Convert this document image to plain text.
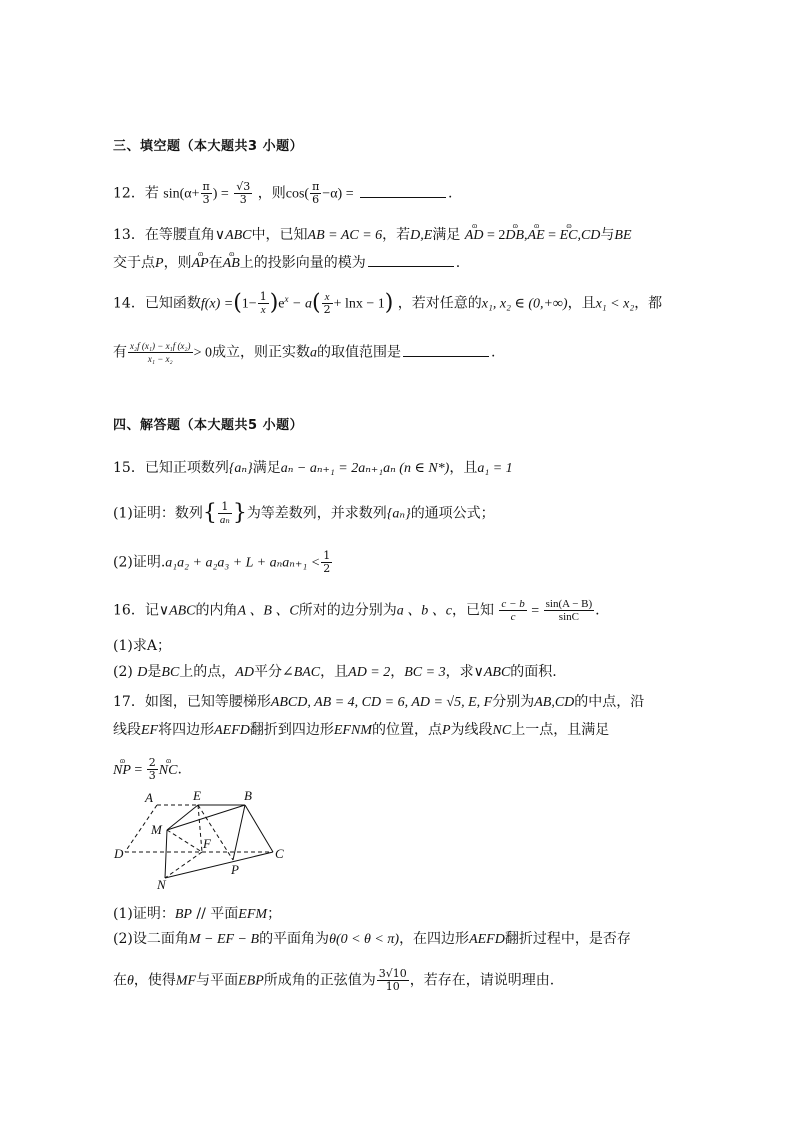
三、填空题（本大题共3 小题）
12．若 $\sin(\alpha+ \frac{\pi}{3}$ ) = $\frac{√3}{3}$ ，则$\cos( \frac{\pi}{6} -\alpha)$ =	.
13．在等腰直角∨ABC中，已知AB = AC = 6，若D,E满足 ɷ AD = 2ɷ DB,ɷ AE = ɷ EC,CD与BE
交于点P，则ɷ AP在ɷ AB上的投影向量的模为	.
14．已知函数$f(x) =(1- \frac{1}{x} )e^x - a( \frac{x}{2} + \ln x - 1)$ ，若对任意的x₁, x₂ ∈ (0,+∞)，且x₁ < x₂，都
有 $\frac{\text{x₂f (x₁) − x₁f (x₂)}}{\text{x₁ − x₂}} > 0$成立，则正实数a的取值范围是	.
四、解答题（本大题共5 小题）
15．已知正项数列{aₙ}满足aₙ − aₙ₊₁ = 2aₙ₊₁aₙ (n ∈ N*)，且a₁ = 1
(1)证明：数列{ $\frac{1}{\text{aₙ}}$ }为等差数列，并求数列{aₙ}的通项公式；
(2)证明$.a_1a_2 + a_2a_3 + L + a_na_{n+1} < \frac{1}{2}$
16．记∨ABC的内角A 、B 、C所对的边分别为a 、b 、c，已知 $\frac{c - b}{c} = \frac{\sin(A - B)}{\sin C}$ .
(1)求A；
(2) D是BC上的点，AD平分∠BAC，且AD = 2，BC = 3，求∨ABC的面积.
17．如图，已知等腰梯形ABCD, AB = 4, CD = 6, AD = √5, E, F分别为AB,CD的中点，沿
线段EF将四边形AEFD翻折到四边形EFNM的位置，点P为线段NC上一点，且满足
ɷ NP = $\frac{2}{3}$ ɷ NC.
A	E	B
M
F
D	C
P
N
(1)证明：BP // 平面EFM；
(2)设二面角M − EF − B的平面角为θ(0 < θ < π)，在四边形AEFD翻折过程中，是否存
在θ，使得MF与平面EBP所成角的正弦值为 $\frac{3√10}{10}$ ，若存在，请说明理由.
